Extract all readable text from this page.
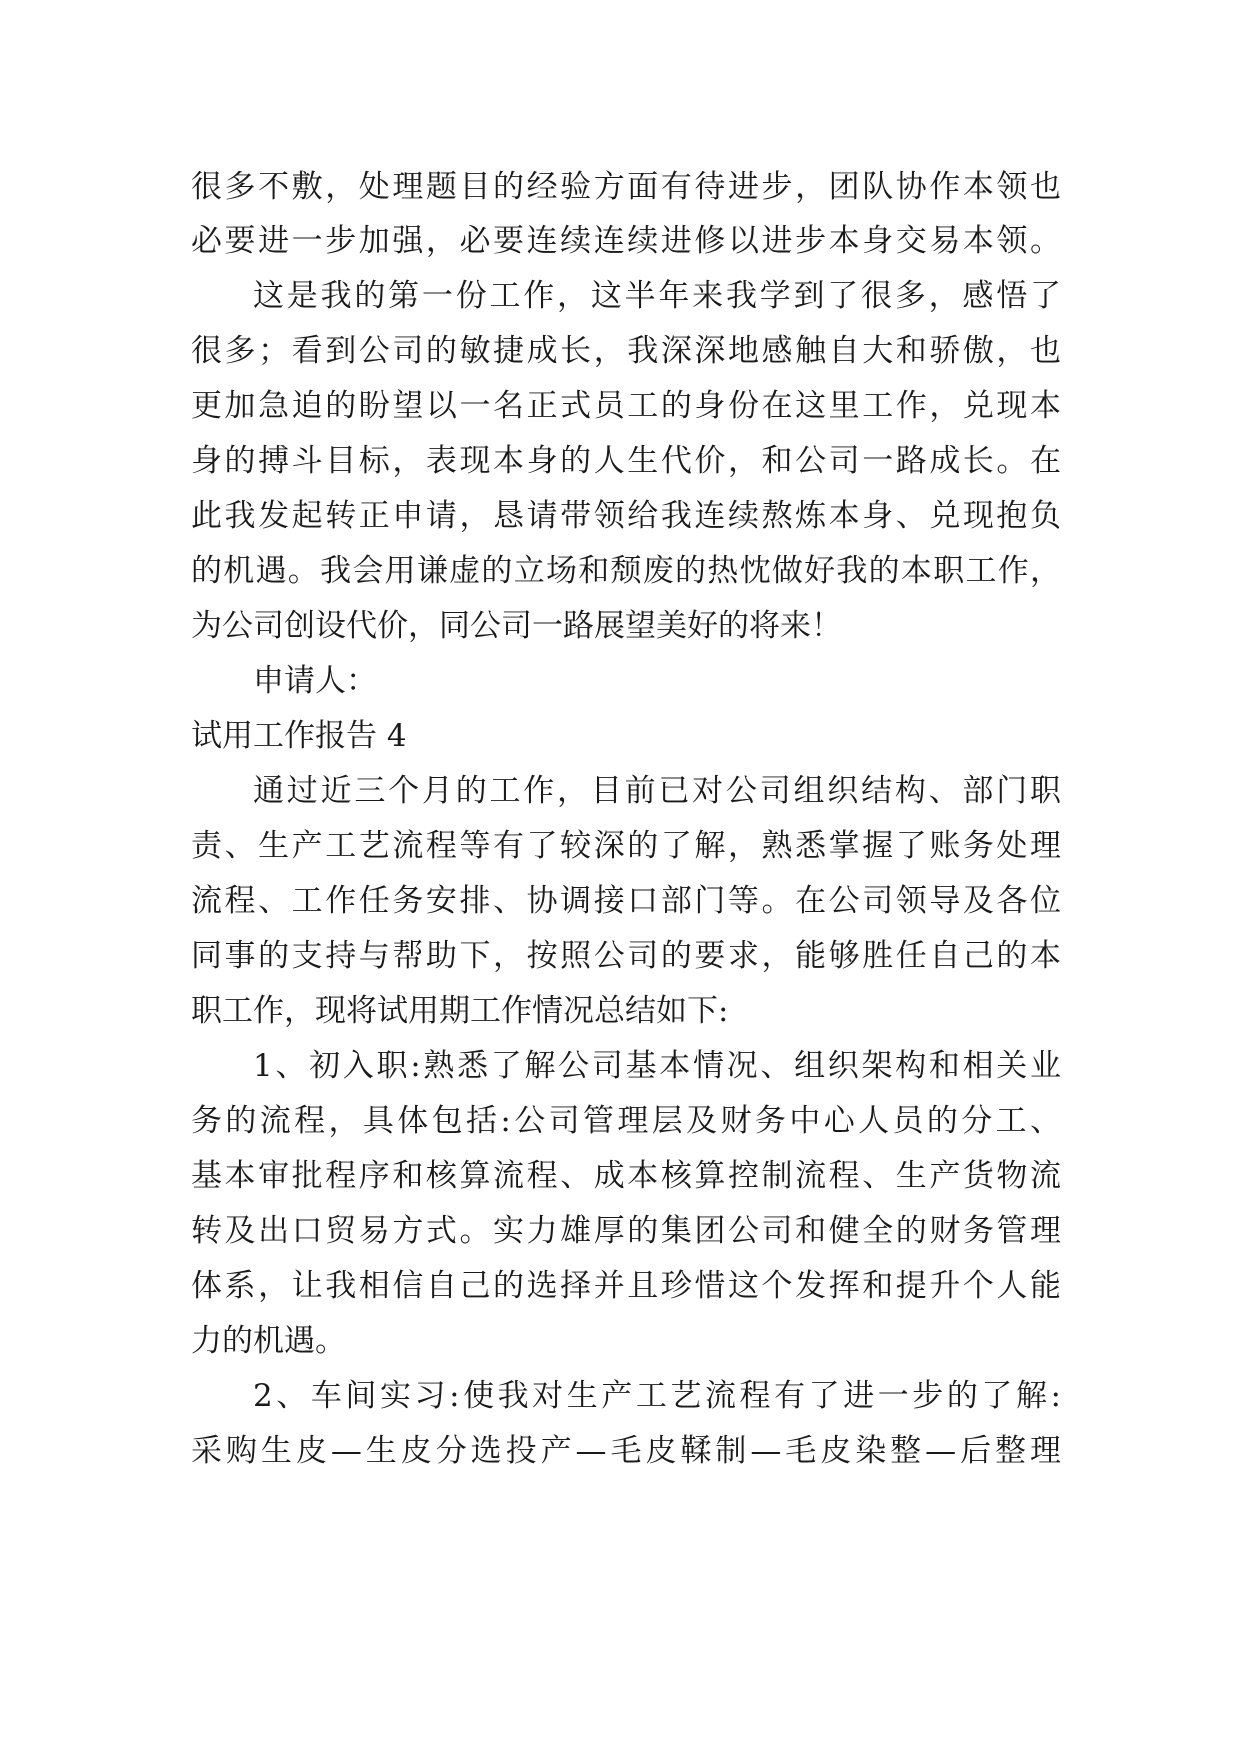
很多不敷，处理题目的经验方面有待进步，团队协作本领也
必要进一步加强，必要连续连续进修以进步本身交易本领。
这是我的第一份工作，这半年来我学到了很多，感悟了
很多；看到公司的敏捷成长，我深深地感触自大和骄傲，也
更加急迫的盼望以一名正式员工的身份在这里工作，兑现本
身的搏斗目标，表现本身的人生代价，和公司一路成长。在
此我发起转正申请，恳请带领给我连续熬炼本身、兑现抱负
的机遇。我会用谦虚的立场和颓废的热忱做好我的本职工作，
为公司创设代价，同公司一路展望美好的将来！
申请人：
试用工作报告 4
通过近三个月的工作，目前已对公司组织结构、部门职
责、生产工艺流程等有了较深的了解，熟悉掌握了账务处理
流程、工作任务安排、协调接口部门等。在公司领导及各位
同事的支持与帮助下，按照公司的要求，能够胜任自己的本
职工作，现将试用期工作情况总结如下:
1、初入职:熟悉了解公司基本情况、组织架构和相关业
务的流程，具体包括:公司管理层及财务中心人员的分工、
基本审批程序和核算流程、成本核算控制流程、生产货物流
转及出口贸易方式。实力雄厚的集团公司和健全的财务管理
体系，让我相信自己的选择并且珍惜这个发挥和提升个人能
力的机遇。
2、车间实习:使我对生产工艺流程有了进一步的了解:
采购生皮—生皮分选投产—毛皮鞣制—毛皮染整—后整理
